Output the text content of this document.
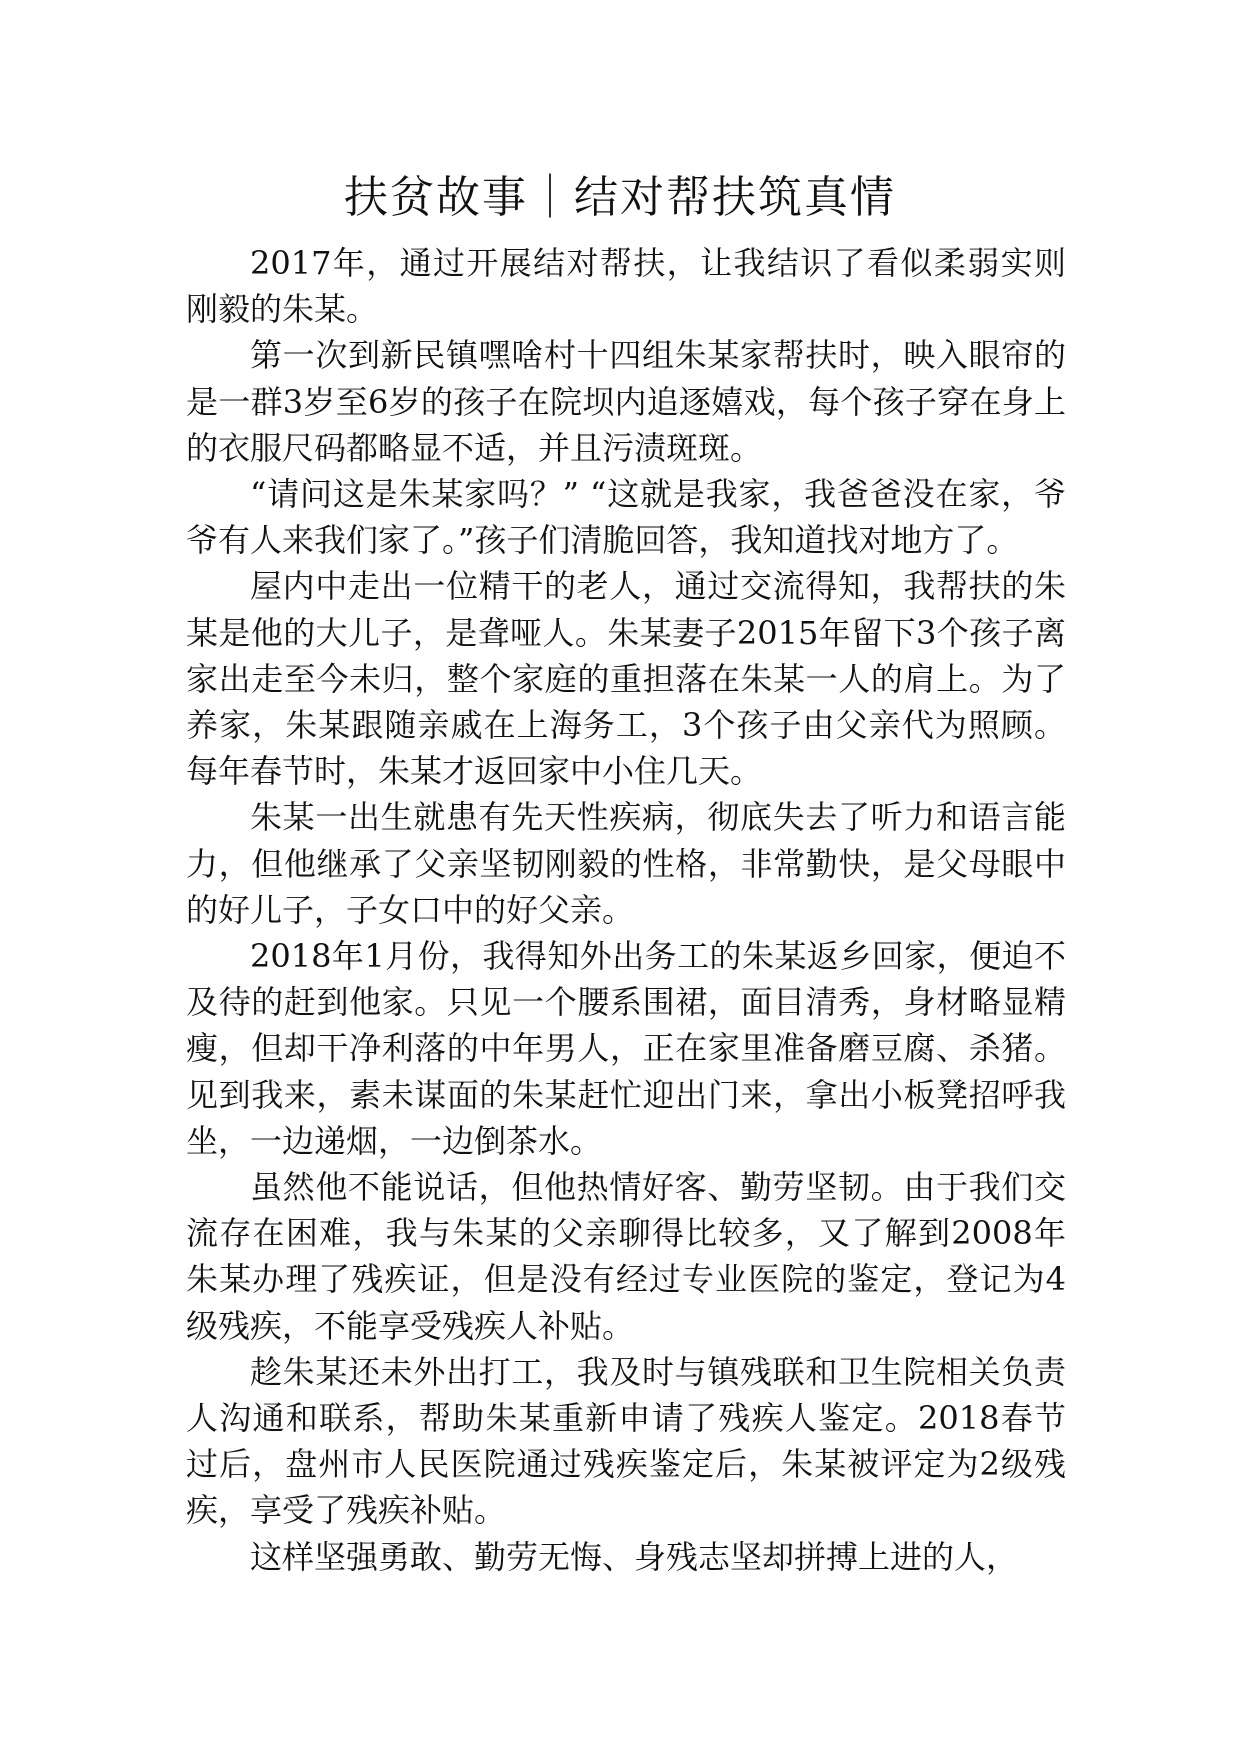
扶贫故事｜结对帮扶筑真情

2017年，通过开展结对帮扶，让我结识了看似柔弱实则刚毅的朱某。

第一次到新民镇嘿啥村十四组朱某家帮扶时，映入眼帘的是一群3岁至6岁的孩子在院坝内追逐嬉戏，每个孩子穿在身上的衣服尺码都略显不适，并且污渍斑斑。

“请问这是朱某家吗？” “这就是我家，我爸爸没在家，爷爷有人来我们家了。”孩子们清脆回答，我知道找对地方了。

屋内中走出一位精干的老人，通过交流得知，我帮扶的朱某是他的大儿子，是聋哑人。朱某妻子2015年留下3个孩子离家出走至今未归，整个家庭的重担落在朱某一人的肩上。为了养家，朱某跟随亲戚在上海务工，3个孩子由父亲代为照顾。每年春节时，朱某才返回家中小住几天。

朱某一出生就患有先天性疾病，彻底失去了听力和语言能力，但他继承了父亲坚韧刚毅的性格，非常勤快，是父母眼中的好儿子，子女口中的好父亲。

2018年1月份，我得知外出务工的朱某返乡回家，便迫不及待的赶到他家。只见一个腰系围裙，面目清秀，身材略显精瘦，但却干净利落的中年男人，正在家里准备磨豆腐、杀猪。见到我来，素未谋面的朱某赶忙迎出门来，拿出小板凳招呼我坐，一边递烟，一边倒茶水。

虽然他不能说话，但他热情好客、勤劳坚韧。由于我们交流存在困难，我与朱某的父亲聊得比较多，又了解到2008年朱某办理了残疾证，但是没有经过专业医院的鉴定，登记为4级残疾，不能享受残疾人补贴。

趁朱某还未外出打工，我及时与镇残联和卫生院相关负责人沟通和联系，帮助朱某重新申请了残疾人鉴定。2018春节过后，盘州市人民医院通过残疾鉴定后，朱某被评定为2级残疾，享受了残疾补贴。

这样坚强勇敢、勤劳无悔、身残志坚却拼搏上进的人，
